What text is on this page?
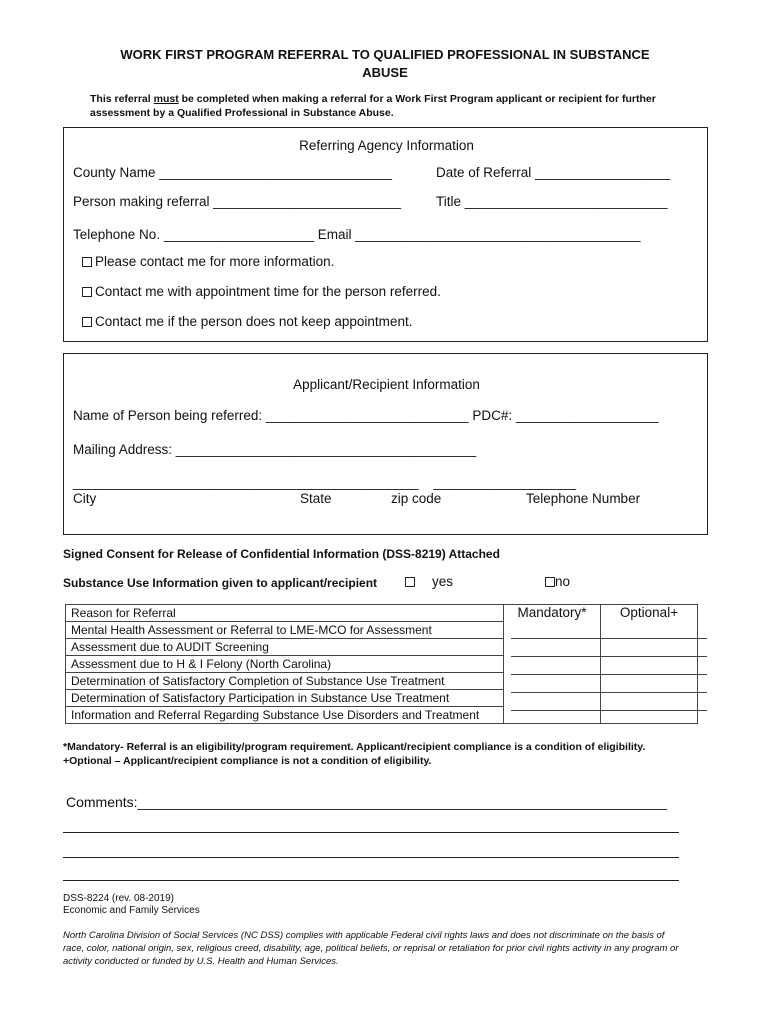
WORK FIRST PROGRAM REFERRAL TO QUALIFIED PROFESSIONAL IN SUBSTANCE
ABUSE
This referral must be completed when making a referral for a Work First Program applicant or recipient for further assessment by a Qualified Professional in Substance Abuse.
Referring Agency Information
County Name _______________________________	Date of Referral __________________
Person making referral _________________________	Title ___________________________
Telephone No. ____________________ Email ______________________________________
Please contact me for more information.
Contact me with appointment time for the person referred.
Contact me if the person does not keep appointment.
Applicant/Recipient Information
Name of Person being referred: ___________________________ PDC#: ___________________
Mailing Address: ________________________________________
______________________________________________    ___________________
City	State	zip code	Telephone Number
Signed Consent for Release of Confidential Information (DSS-8219) Attached
Substance Use Information given to applicant/recipient	yes	no
Reason for Referral	Mandatory*	Optional+
Mental Health Assessment or Referral to LME-MCO for Assessment
Assessment due to AUDIT Screening
Assessment due to H & I Felony (North Carolina)
Determination of Satisfactory Completion of Substance Use Treatment
Determination of Satisfactory Participation in Substance Use Treatment
Information and Referral Regarding Substance Use Disorders and Treatment
*Mandatory- Referral is an eligibility/program requirement. Applicant/recipient compliance is a condition of eligibility.
+Optional – Applicant/recipient compliance is not a condition of eligibility.
Comments:____________________________________________________________________
DSS-8224 (rev. 08-2019)
Economic and Family Services
North Carolina Division of Social Services (NC DSS) complies with applicable Federal civil rights laws and does not discriminate on the basis of race, color, national origin, sex, religious creed, disability, age, political beliefs, or reprisal or retaliation for prior civil rights activity in any program or activity conducted or funded by U.S. Health and Human Services.
